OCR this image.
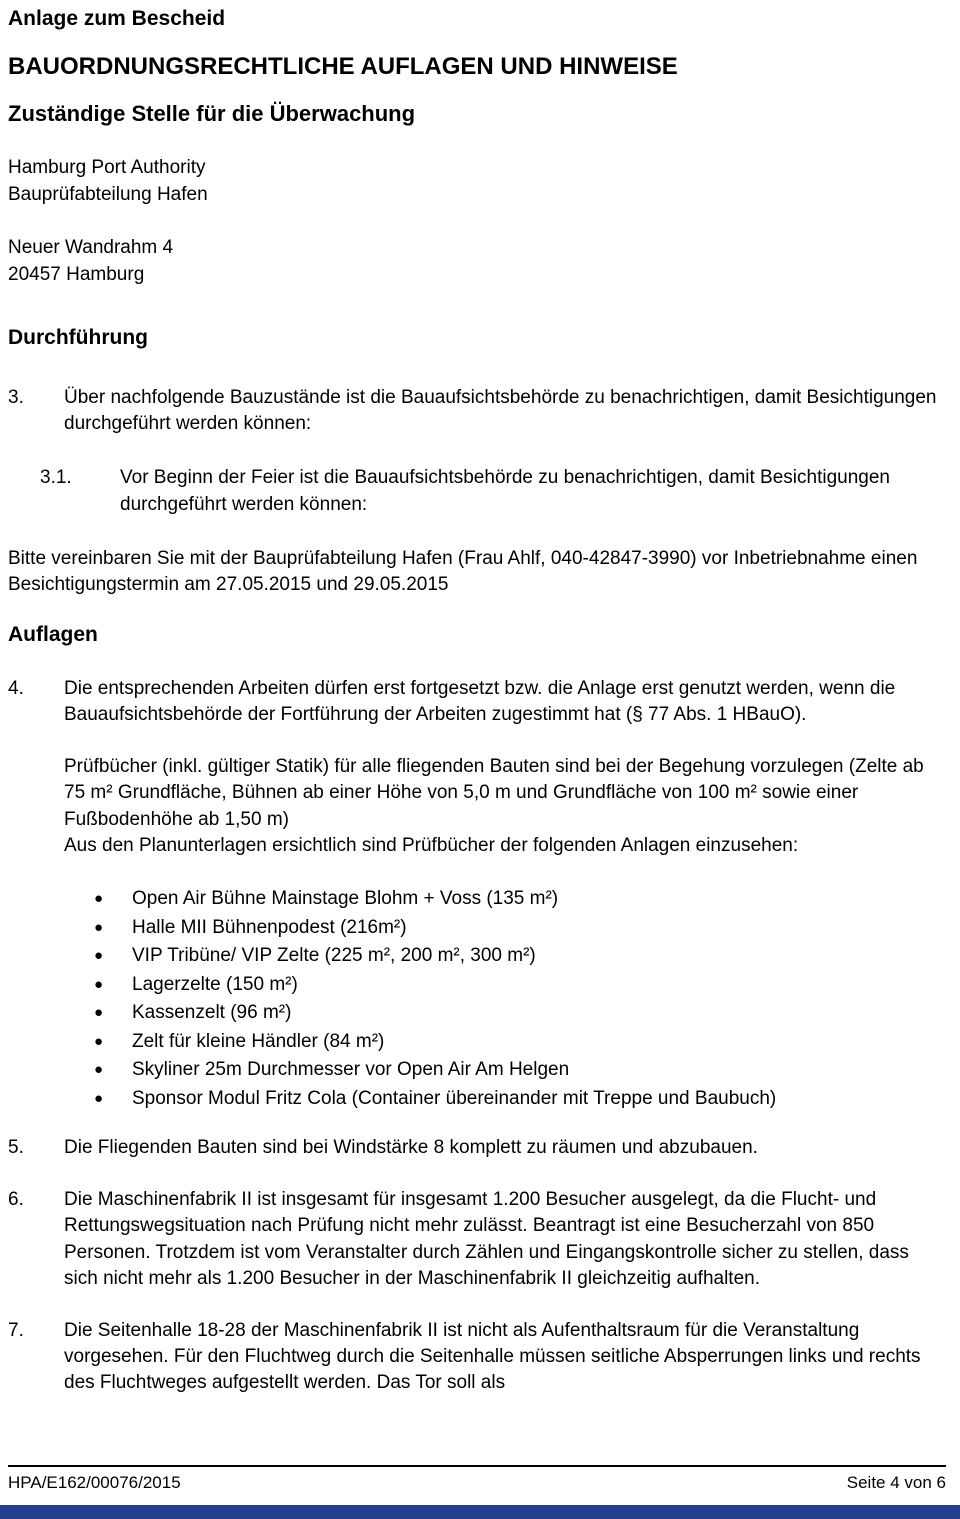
Anlage zum Bescheid
BAUORDNUNGSRECHTLICHE AUFLAGEN UND HINWEISE
Zuständige Stelle für die Überwachung
Hamburg Port Authority
Bauprüfabteilung Hafen
Neuer Wandrahm 4
20457 Hamburg
Durchführung
3.	Über nachfolgende Bauzustände ist die Bauaufsichtsbehörde zu benachrichtigen, damit Besichtigungen durchgeführt werden können:
3.1.	Vor Beginn der Feier ist die Bauaufsichtsbehörde zu benachrichtigen, damit Besichtigungen durchgeführt werden können:
Bitte vereinbaren Sie mit der Bauprüfabteilung Hafen (Frau Ahlf, 040-42847-3990) vor Inbetriebnahme einen Besichtigungstermin am 27.05.2015 und 29.05.2015
Auflagen
4.	Die entsprechenden Arbeiten dürfen erst fortgesetzt bzw. die Anlage erst genutzt werden, wenn die Bauaufsichtsbehörde der Fortführung der Arbeiten zugestimmt hat (§ 77 Abs. 1 HBauO).
Prüfbücher (inkl. gültiger Statik) für alle fliegenden Bauten sind bei der Begehung vorzulegen (Zelte ab 75 m² Grundfläche, Bühnen ab einer Höhe von 5,0 m und Grundfläche von 100 m² sowie einer Fußbodenhöhe ab 1,50 m)
Aus den Planunterlagen ersichtlich sind Prüfbücher der folgenden Anlagen einzusehen:
●	Open Air Bühne Mainstage Blohm + Voss (135 m²)
●	Halle MII Bühnenpodest (216m²)
●	VIP Tribüne/ VIP Zelte (225 m², 200 m², 300 m²)
●	Lagerzelte (150 m²)
●	Kassenzelt (96 m²)
●	Zelt für kleine Händler (84 m²)
●	Skyliner 25m Durchmesser vor Open Air Am Helgen
●	Sponsor Modul Fritz Cola (Container übereinander mit Treppe und Baubuch)
5.	Die Fliegenden Bauten sind bei Windstärke 8 komplett zu räumen und abzubauen.
6.	Die Maschinenfabrik II ist insgesamt für insgesamt 1.200 Besucher ausgelegt, da die Flucht- und Rettungswegsituation nach Prüfung nicht mehr zulässt. Beantragt ist eine Besucherzahl von 850 Personen. Trotzdem ist vom Veranstalter durch Zählen und Eingangskontrolle sicher zu stellen, dass sich nicht mehr als 1.200 Besucher in der Maschinenfabrik II gleichzeitig aufhalten.
7.	Die Seitenhalle 18-28 der Maschinenfabrik II ist nicht als Aufenthaltsraum für die Veranstaltung vorgesehen. Für den Fluchtweg durch die Seitenhalle müssen seitliche Absperrungen links und rechts des Fluchtweges aufgestellt werden. Das Tor soll als
HPA/E162/00076/2015	Seite 4 von 6
